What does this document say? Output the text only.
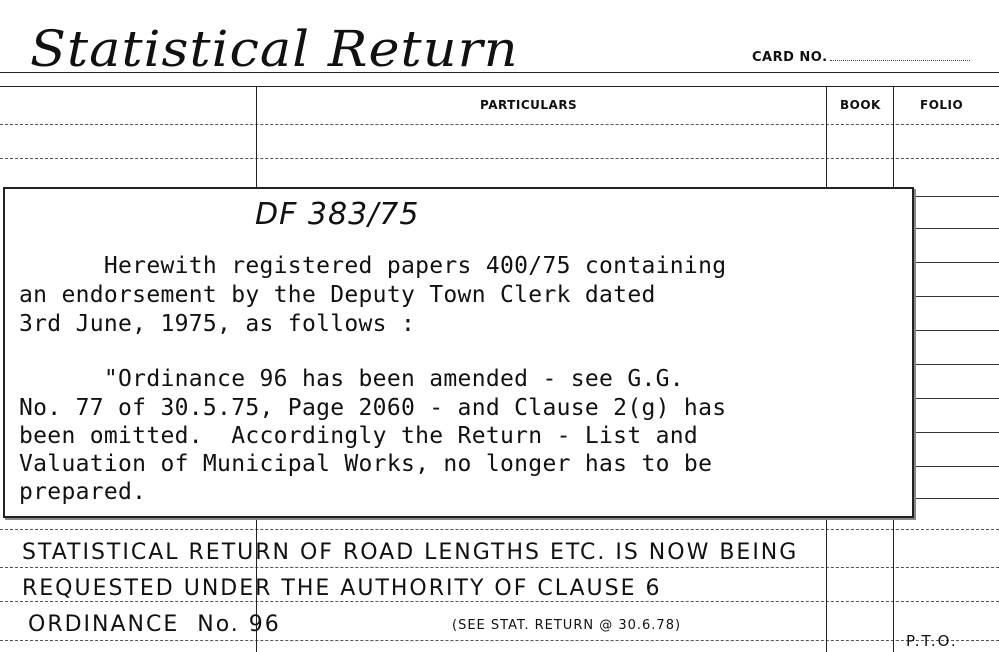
Statistical Return	CARD NO.
PARTICULARS	BOOK	FOLIO
DF 383/75
Herewith registered papers 400/75 containing
an endorsement by the Deputy Town Clerk dated
3rd June, 1975, as follows :
"Ordinance 96 has been amended - see G.G.
No. 77 of 30.5.75, Page 2060 - and Clause 2(g) has
been omitted.  Accordingly the Return - List and
Valuation of Municipal Works, no longer has to be
prepared.
STATISTICAL RETURN OF ROAD LENGTHS ETC. IS NOW BEING
REQUESTED UNDER THE AUTHORITY OF CLAUSE 6
ORDINANCE  No. 96	(SEE STAT. RETURN @ 30.6.78)
P.T.O.
